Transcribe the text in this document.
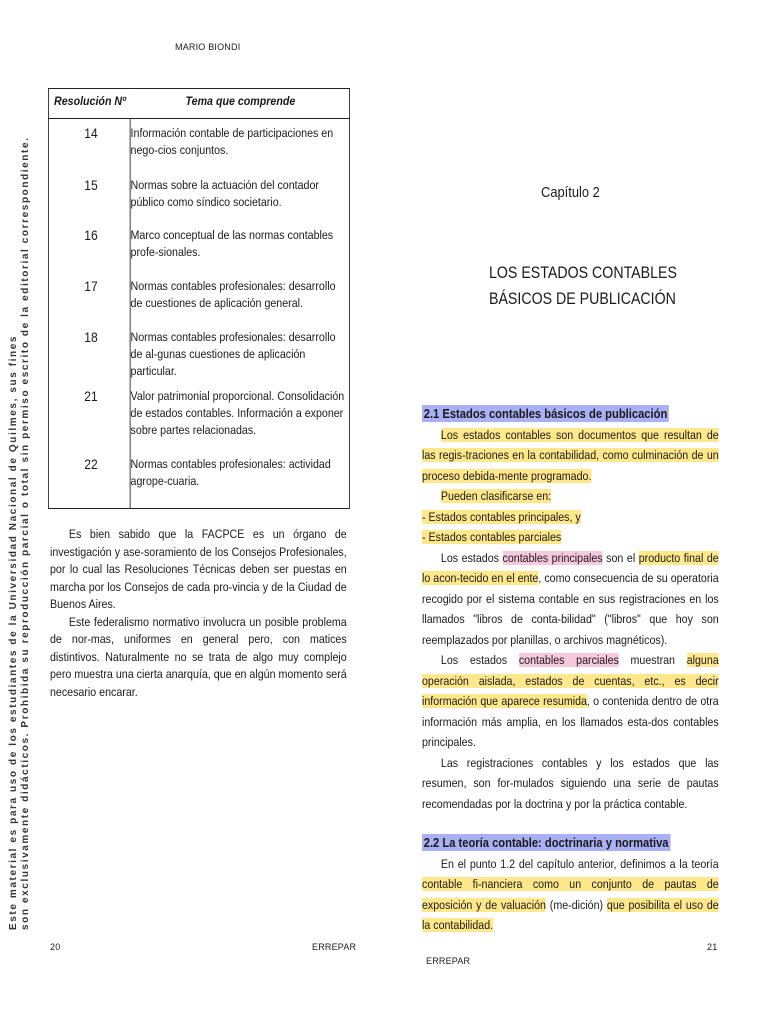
MARIO BIONDI
Este material es para uso de los estudiantes de la Universidad Nacional de Quilmes, sus fines son exclusivamente didácticos. Prohibida su reproducción parcial o total sin permiso escrito de la editorial correspondiente.
Resolución Nº	Tema que comprende
14	Información contable de participaciones en nego-cios conjuntos.
15	Normas sobre la actuación del contador público como síndico societario.
16	Marco conceptual de las normas contables profe-sionales.
17	Normas contables profesionales: desarrollo de cuestiones de aplicación general.
18	Normas contables profesionales: desarrollo de al-gunas cuestiones de aplicación particular.
21	Valor patrimonial proporcional. Consolidación de estados contables. Información a exponer sobre partes relacionadas.
22	Normas contables profesionales: actividad agrope-cuaria.

Es bien sabido que la FACPCE es un órgano de investigación y ase-soramiento de los Consejos Profesionales, por lo cual las Resoluciones Técnicas deben ser puestas en marcha por los Consejos de cada pro-vincia y de la Ciudad de Buenos Aires.

Este federalismo normativo involucra un posible problema de nor-mas, uniformes en general pero, con matices distintivos. Naturalmente no se trata de algo muy complejo pero muestra una cierta anarquía, que en algún momento será necesario encarar.

Capítulo 2
LOS ESTADOS CONTABLES
BÁSICOS DE PUBLICACIÓN

2.1 Estados contables básicos de publicación

Los estados contables son documentos que resultan de las regis-traciones en la contabilidad, como culminación de un proceso debida-mente programado.

Pueden clasificarse en:

- Estados contables principales, y

- Estados contables parciales

Los estados contables principales son el producto final de lo acon-tecido en el ente, como consecuencia de su operatoria recogido por el sistema contable en sus registraciones en los llamados "libros de conta-bilidad" ("libros" que hoy son reemplazados por planillas, o archivos magnéticos).

Los estados contables parciales muestran alguna operación aislada, estados de cuentas, etc., es decir información que aparece resumida, o contenida dentro de otra información más amplia, en los llamados esta-dos contables principales.

Las registraciones contables y los estados que las resumen, son for-mulados siguiendo una serie de pautas recomendadas por la doctrina y por la práctica contable.

2.2 La teoría contable: doctrinaria y normativa

En el punto 1.2 del capítulo anterior, definimos a la teoría contable fi-nanciera como un conjunto de pautas de exposición y de valuación (me-dición) que posibilita el uso de la contabilidad.

20	ERREPAR	21
ERREPAR
